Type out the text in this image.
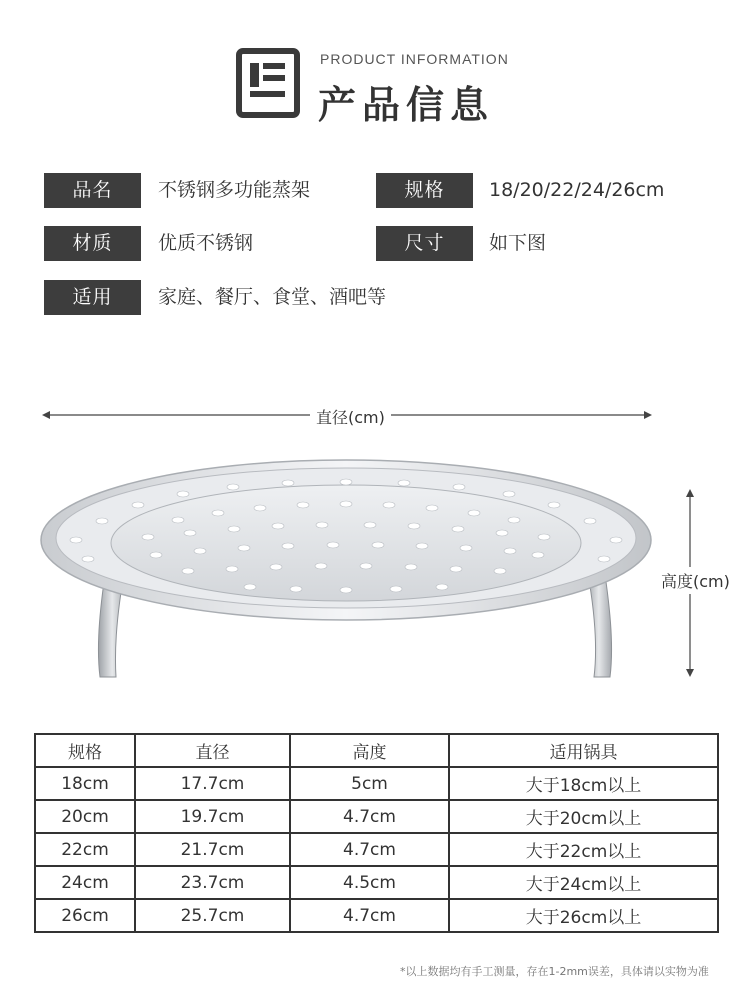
PRODUCT INFORMATION
产品信息
品名	不锈钢多功能蒸架	规格	18/20/22/24/26cm
材质	优质不锈钢	尺寸	如下图
适用	家庭、餐厅、食堂、酒吧等
直径(cm)
高度(cm)
规格	直径	高度	适用锅具
18cm	17.7cm	5cm	大于18cm以上
20cm	19.7cm	4.7cm	大于20cm以上
22cm	21.7cm	4.7cm	大于22cm以上
24cm	23.7cm	4.5cm	大于24cm以上
26cm	25.7cm	4.7cm	大于26cm以上
*以上数据均有手工测量，存在1-2mm误差，具体请以实物为准
